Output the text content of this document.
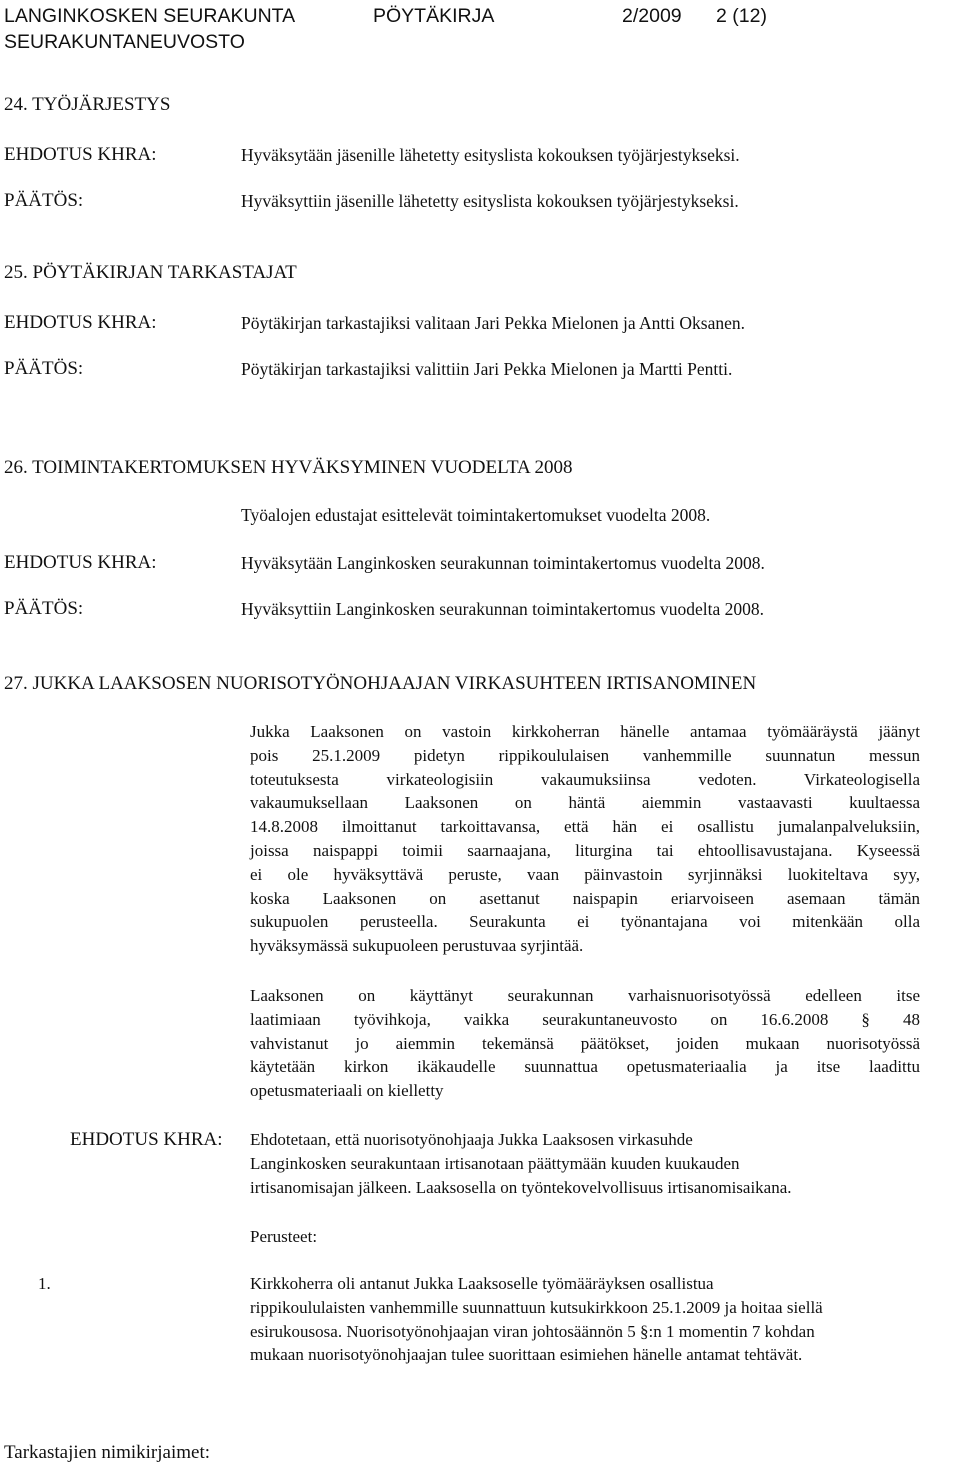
LANGINKOSKEN SEURAKUNTA	PÖYTÄKIRJA	2/2009 2 (12)
SEURAKUNTANEUVOSTO
24. TYÖJÄRJESTYS
EHDOTUS KHRA:	Hyväksytään jäsenille lähetetty esityslista kokouksen työjärjestykseksi.
PÄÄTÖS:	Hyväksyttiin jäsenille lähetetty esityslista kokouksen työjärjestykseksi.
25. PÖYTÄKIRJAN TARKASTAJAT
EHDOTUS KHRA:	Pöytäkirjan tarkastajiksi valitaan Jari Pekka Mielonen ja Antti Oksanen.
PÄÄTÖS:	Pöytäkirjan tarkastajiksi valittiin Jari Pekka Mielonen ja Martti Pentti.
26. TOIMINTAKERTOMUKSEN HYVÄKSYMINEN VUODELTA 2008
Työalojen edustajat esittelevät toimintakertomukset vuodelta 2008.
EHDOTUS KHRA:	Hyväksytään Langinkosken seurakunnan toimintakertomus vuodelta 2008.
PÄÄTÖS:	Hyväksyttiin Langinkosken seurakunnan toimintakertomus vuodelta 2008.
27. JUKKA LAAKSOSEN NUORISOTYÖNOHJAAJAN VIRKASUHTEEN IRTISANOMINEN
Jukka Laaksonen on vastoin kirkkoherran hänelle antamaa työmääräystä jäänyt
pois 25.1.2009 pidetyn rippikoululaisen vanhemmille suunnatun messun
toteutuksesta virkateologisiin vakaumuksiinsa vedoten. Virkateologisella
vakaumuksellaan Laaksonen on häntä aiemmin vastaavasti kuultaessa
14.8.2008 ilmoittanut tarkoittavansa, että hän ei osallistu jumalanpalveluksiin,
joissa naispappi toimii saarnaajana, liturgina tai ehtoollisavustajana. Kyseessä
ei ole hyväksyttävä peruste, vaan päinvastoin syrjinnäksi luokiteltava syy,
koska Laaksonen on asettanut naispapin eriarvoiseen asemaan tämän
sukupuolen perusteella. Seurakunta ei työnantajana voi mitenkään olla
hyväksymässä sukupuoleen perustuvaa syrjintää.
Laaksonen on käyttänyt seurakunnan varhaisnuorisotyössä edelleen itse
laatimiaan työvihkoja, vaikka seurakuntaneuvosto on 16.6.2008 § 48
vahvistanut jo aiemmin tekemänsä päätökset, joiden mukaan nuorisotyössä
käytetään kirkon ikäkaudelle suunnattua opetusmateriaalia ja itse laadittu
opetusmateriaali on kielletty
EHDOTUS KHRA: Ehdotetaan, että nuorisotyönohjaaja Jukka Laaksosen virkasuhde
Langinkosken seurakuntaan irtisanotaan päättymään kuuden kuukauden
irtisanomisajan jälkeen. Laaksosella on työntekovelvollisuus irtisanomisaikana.
Perusteet:
1.	Kirkkoherra oli antanut Jukka Laaksoselle työmääräyksen osallistua
rippikoululaisten vanhemmille suunnattuun kutsukirkkoon 25.1.2009 ja hoitaa siellä
esirukousosa. Nuorisotyönohjaajan viran johtosäännön 5 §:n 1 momentin 7 kohdan
mukaan nuorisotyönohjaajan tulee suorittaan esimiehen hänelle antamat tehtävät.
Tarkastajien nimikirjaimet:
